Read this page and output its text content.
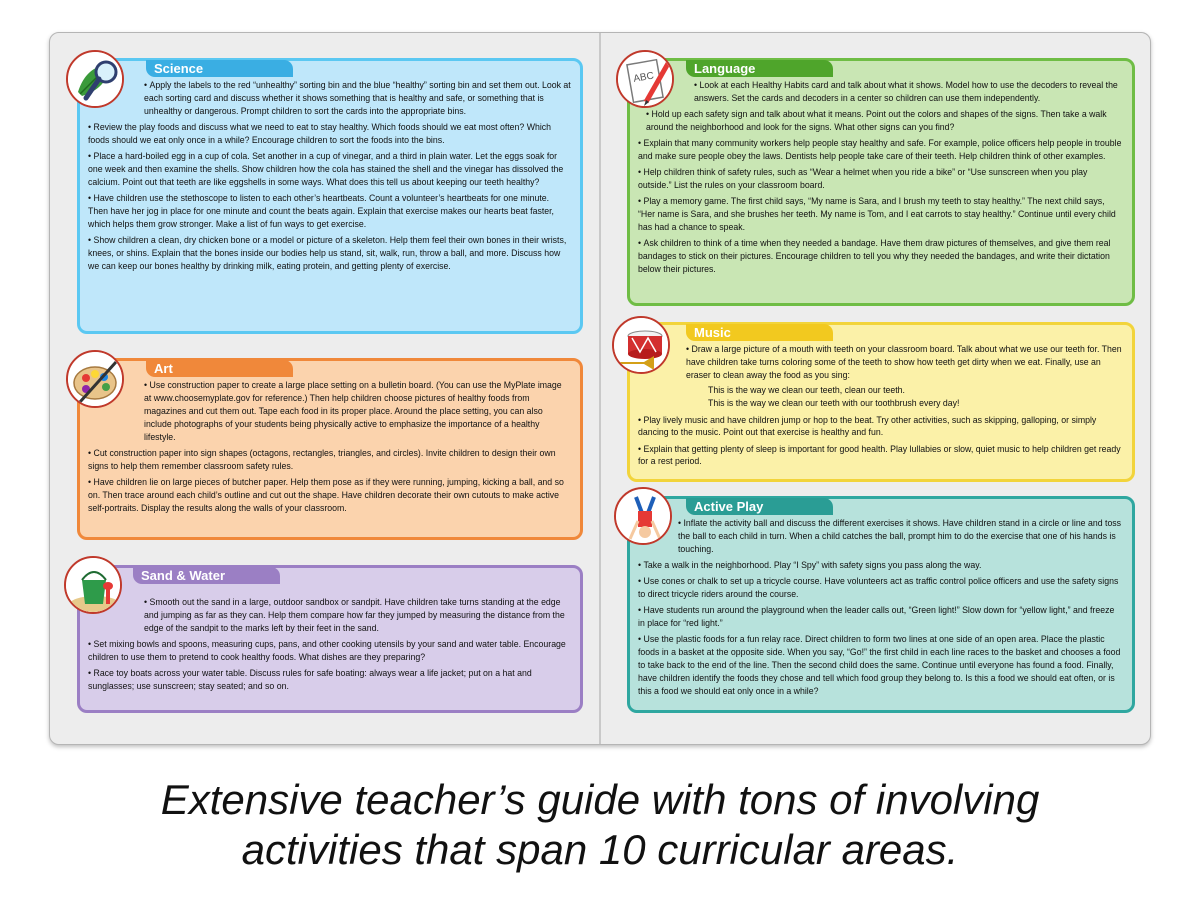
Science
• Apply the labels to the red “unhealthy” sorting bin and the blue “healthy” sorting bin and set them out. Look at each sorting card and discuss whether it shows something that is healthy and safe, or something that is unhealthy or dangerous. Prompt children to sort the cards into the appropriate bins.
• Review the play foods and discuss what we need to eat to stay healthy. Which foods should we eat most often? Which foods should we eat only once in a while? Encourage children to sort the foods into the bins.
• Place a hard-boiled egg in a cup of cola. Set another in a cup of vinegar, and a third in plain water. Let the eggs soak for one week and then examine the shells. Show children how the cola has stained the shell and the vinegar has dissolved the calcium. Point out that teeth are like eggshells in some ways. What does this tell us about keeping our teeth healthy?
• Have children use the stethoscope to listen to each other’s heartbeats. Count a volunteer’s heartbeats for one minute. Then have her jog in place for one minute and count the beats again. Explain that exercise makes our hearts beat faster, which helps them grow stronger. Make a list of fun ways to get exercise.
• Show children a clean, dry chicken bone or a model or picture of a skeleton. Help them feel their own bones in their wrists, knees, or shins. Explain that the bones inside our bodies help us stand, sit, walk, run, throw a ball, and more. Discuss how we can keep our bones healthy by drinking milk, eating protein, and getting plenty of exercise.
Art
• Use construction paper to create a large place setting on a bulletin board. (You can use the MyPlate image at www.choosemyplate.gov for reference.) Then help children choose pictures of healthy foods from magazines and cut them out. Tape each food in its proper place. Around the place setting, you can also include photographs of your students being physically active to emphasize the importance of a healthy lifestyle.
• Cut construction paper into sign shapes (octagons, rectangles, triangles, and circles). Invite children to design their own signs to help them remember classroom safety rules.
• Have children lie on large pieces of butcher paper. Help them pose as if they were running, jumping, kicking a ball, and so on. Then trace around each child’s outline and cut out the shape. Have children decorate their own cutouts to make active self-portraits. Display the results along the walls of your classroom.
Sand & Water
• Smooth out the sand in a large, outdoor sandbox or sandpit. Have children take turns standing at the edge and jumping as far as they can. Help them compare how far they jumped by measuring the distance from the edge of the sandpit to the marks left by their feet in the sand.
• Set mixing bowls and spoons, measuring cups, pans, and other cooking utensils by your sand and water table. Encourage children to use them to pretend to cook healthy foods. What dishes are they preparing?
• Race toy boats across your water table. Discuss rules for safe boating: always wear a life jacket; put on a hat and sunglasses; use sunscreen; stay seated; and so on.
Language
• Look at each Healthy Habits card and talk about what it shows. Model how to use the decoders to reveal the answers. Set the cards and decoders in a center so children can use them independently.
• Hold up each safety sign and talk about what it means. Point out the colors and shapes of the signs. Then take a walk around the neighborhood and look for the signs. What other signs can you find?
• Explain that many community workers help people stay healthy and safe. For example, police officers help people in trouble and make sure people obey the laws. Dentists help people take care of their teeth. Help children think of other examples.
• Help children think of safety rules, such as “Wear a helmet when you ride a bike” or “Use sunscreen when you play outside.” List the rules on your classroom board.
• Play a memory game. The first child says, “My name is Sara, and I brush my teeth to stay healthy.” The next child says, “Her name is Sara, and she brushes her teeth. My name is Tom, and I eat carrots to stay healthy.” Continue until every child has had a chance to speak.
• Ask children to think of a time when they needed a bandage. Have them draw pictures of themselves, and give them real bandages to stick on their pictures. Encourage children to tell you why they needed the bandages, and write their dictation below their pictures.
ABC
Music
• Draw a large picture of a mouth with teeth on your classroom board. Talk about what we use our teeth for. Then have children take turns coloring some of the teeth to show how teeth get dirty when we eat. Finally, use an eraser to clean away the food as you sing:
This is the way we clean our teeth, clean our teeth.
This is the way we clean our teeth with our toothbrush every day!
• Play lively music and have children jump or hop to the beat. Try other activities, such as skipping, galloping, or simply dancing to the music. Point out that exercise is healthy and fun.
• Explain that getting plenty of sleep is important for good health. Play lullabies or slow, quiet music to help children get ready for a rest period.
Active Play
• Inflate the activity ball and discuss the different exercises it shows. Have children stand in a circle or line and toss the ball to each child in turn. When a child catches the ball, prompt him to do the exercise that one of his hands is touching.
• Take a walk in the neighborhood. Play “I Spy” with safety signs you pass along the way.
• Use cones or chalk to set up a tricycle course. Have volunteers act as traffic control police officers and use the safety signs to direct tricycle riders around the course.
• Have students run around the playground when the leader calls out, “Green light!” Slow down for “yellow light,” and freeze in place for “red light.”
• Use the plastic foods for a fun relay race. Direct children to form two lines at one side of an open area. Place the plastic foods in a basket at the opposite side. When you say, “Go!” the first child in each line races to the basket and chooses a food to take back to the end of the line. Then the second child does the same. Continue until everyone has found a food. Finally, have children identify the foods they chose and tell which food group they belong to. Is this a food we should eat often, or is this a food we should eat only once in a while?
Extensive teacher’s guide with tons of involving
activities that span 10 curricular areas.
